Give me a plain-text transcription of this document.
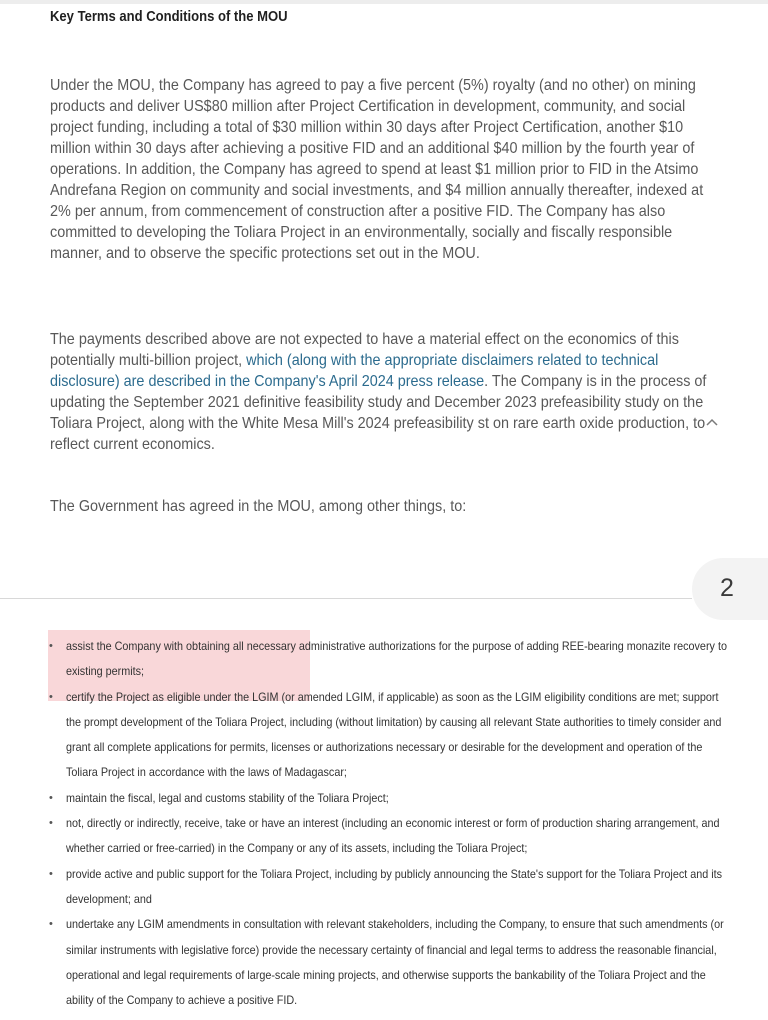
Key Terms and Conditions of the MOU
Under the MOU, the Company has agreed to pay a five percent (5%) royalty (and no other) on mining products and deliver US$80 million after Project Certification in development, community, and social project funding, including a total of $30 million within 30 days after Project Certification, another $10 million within 30 days after achieving a positive FID and an additional $40 million by the fourth year of operations. In addition, the Company has agreed to spend at least $1 million prior to FID in the Atsimo Andrefana Region on community and social investments, and $4 million annually thereafter, indexed at 2% per annum, from commencement of construction after a positive FID. The Company has also committed to developing the Toliara Project in an environmentally, socially and fiscally responsible manner, and to observe the specific protections set out in the MOU.
The payments described above are not expected to have a material effect on the economics of this potentially multi-billion project, which (along with the appropriate disclaimers related to technical disclosure) are described in the Company's April 2024 press release. The Company is in the process of updating the September 2021 definitive feasibility study and December 2023 prefeasibility study on the Toliara Project, along with the White Mesa Mill's 2024 prefeasibility st on rare earth oxide production, to reflect current economics.
The Government has agreed in the MOU, among other things, to:
2
• assist the Company with obtaining all necessary administrative authorizations for the purpose of adding REE-bearing monazite recovery to existing permits;
• certify the Project as eligible under the LGIM (or amended LGIM, if applicable) as soon as the LGIM eligibility conditions are met; support the prompt development of the Toliara Project, including (without limitation) by causing all relevant State authorities to timely consider and grant all complete applications for permits, licenses or authorizations necessary or desirable for the development and operation of the Toliara Project in accordance with the laws of Madagascar;
• maintain the fiscal, legal and customs stability of the Toliara Project;
• not, directly or indirectly, receive, take or have an interest (including an economic interest or form of production sharing arrangement, and whether carried or free-carried) in the Company or any of its assets, including the Toliara Project;
• provide active and public support for the Toliara Project, including by publicly announcing the State's support for the Toliara Project and its development; and
• undertake any LGIM amendments in consultation with relevant stakeholders, including the Company, to ensure that such amendments (or similar instruments with legislative force) provide the necessary certainty of financial and legal terms to address the reasonable financial, operational and legal requirements of large-scale mining projects, and otherwise supports the bankability of the Toliara Project and the ability of the Company to achieve a positive FID.
